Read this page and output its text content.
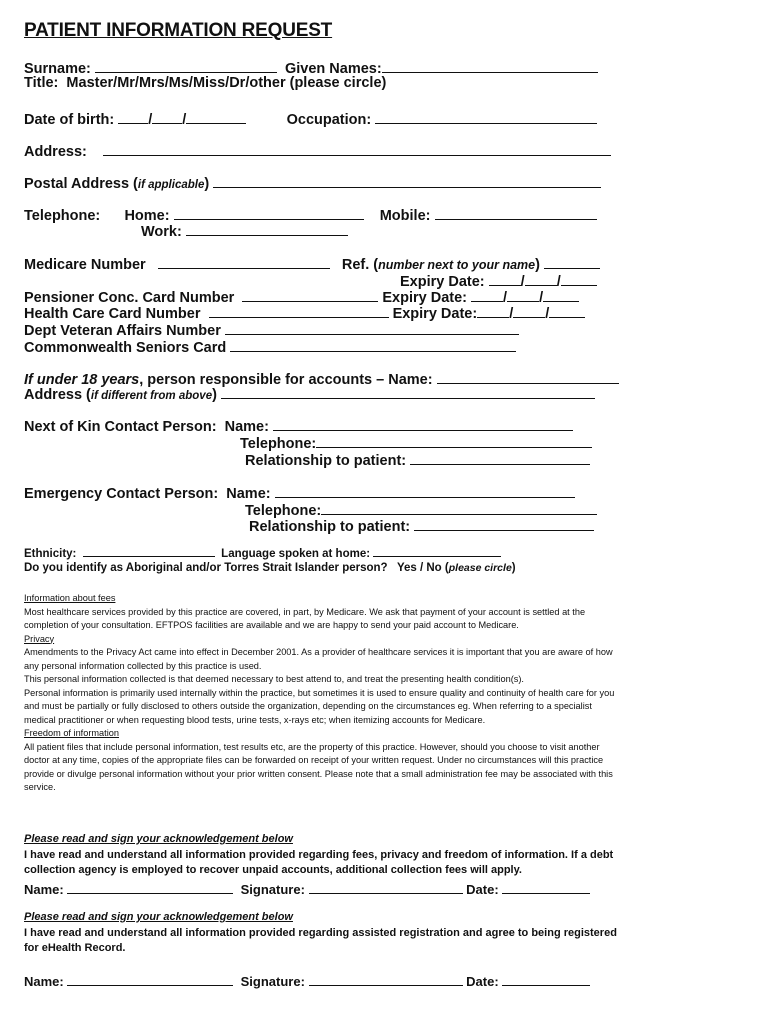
PATIENT INFORMATION REQUEST
Surname:	Given Names:
Title:  Master/Mr/Mrs/Ms/Miss/Dr/other (please circle)
Date of birth: / /	Occupation:
Address:
Postal Address (if applicable)
Telephone: Home:	Mobile:
Work:
Medicare Number	Ref. (number next to your name)
Expiry Date: / /
Pensioner Conc. Card Number	Expiry Date: / /
Health Care Card Number	Expiry Date: / /
Dept Veteran Affairs Number
Commonwealth Seniors Card
If under 18 years, person responsible for accounts – Name:
Address (if different from above)
Next of Kin Contact Person: Name:
Telephone:
Relationship to patient:
Emergency Contact Person: Name:
Telephone:
Relationship to patient:
Ethnicity:	Language spoken at home:
Do you identify as Aboriginal and/or Torres Strait Islander person?   Yes / No (please circle)

Information about fees

Most healthcare services provided by this practice are covered, in part, by Medicare. We ask that payment of your account is settled at the completion of your consultation. EFTPOS facilities are available and we are happy to send your paid account to Medicare.

Privacy

Amendments to the Privacy Act came into effect in December 2001. As a provider of healthcare services it is important that you are aware of how any personal information collected by this practice is used.

This personal information collected is that deemed necessary to best attend to, and treat the presenting health condition(s).

Personal information is primarily used internally within the practice, but sometimes it is used to ensure quality and continuity of health care for you and must be partially or fully disclosed to others outside the organization, depending on the circumstances eg. When referring to a specialist medical practitioner or when requesting blood tests, urine tests, x-rays etc; when itemizing accounts for Medicare.

Freedom of information

All patient files that include personal information, test results etc, are the property of this practice. However, should you choose to visit another doctor at any time, copies of the appropriate files can be forwarded on receipt of your written request. Under no circumstances will this practice provide or divulge personal information without your prior written consent. Please note that a small administration fee may be associated with this service.

Please read and sign your acknowledgement below
I have read and understand all information provided regarding fees, privacy and freedom of information. If a debt collection agency is employed to recover unpaid accounts, additional collection fees will apply.
Name:	Signature:	Date:
Please read and sign your acknowledgement below
I have read and understand all information provided regarding assisted registration and agree to being registered for eHealth Record.
Name:	Signature:	Date:
